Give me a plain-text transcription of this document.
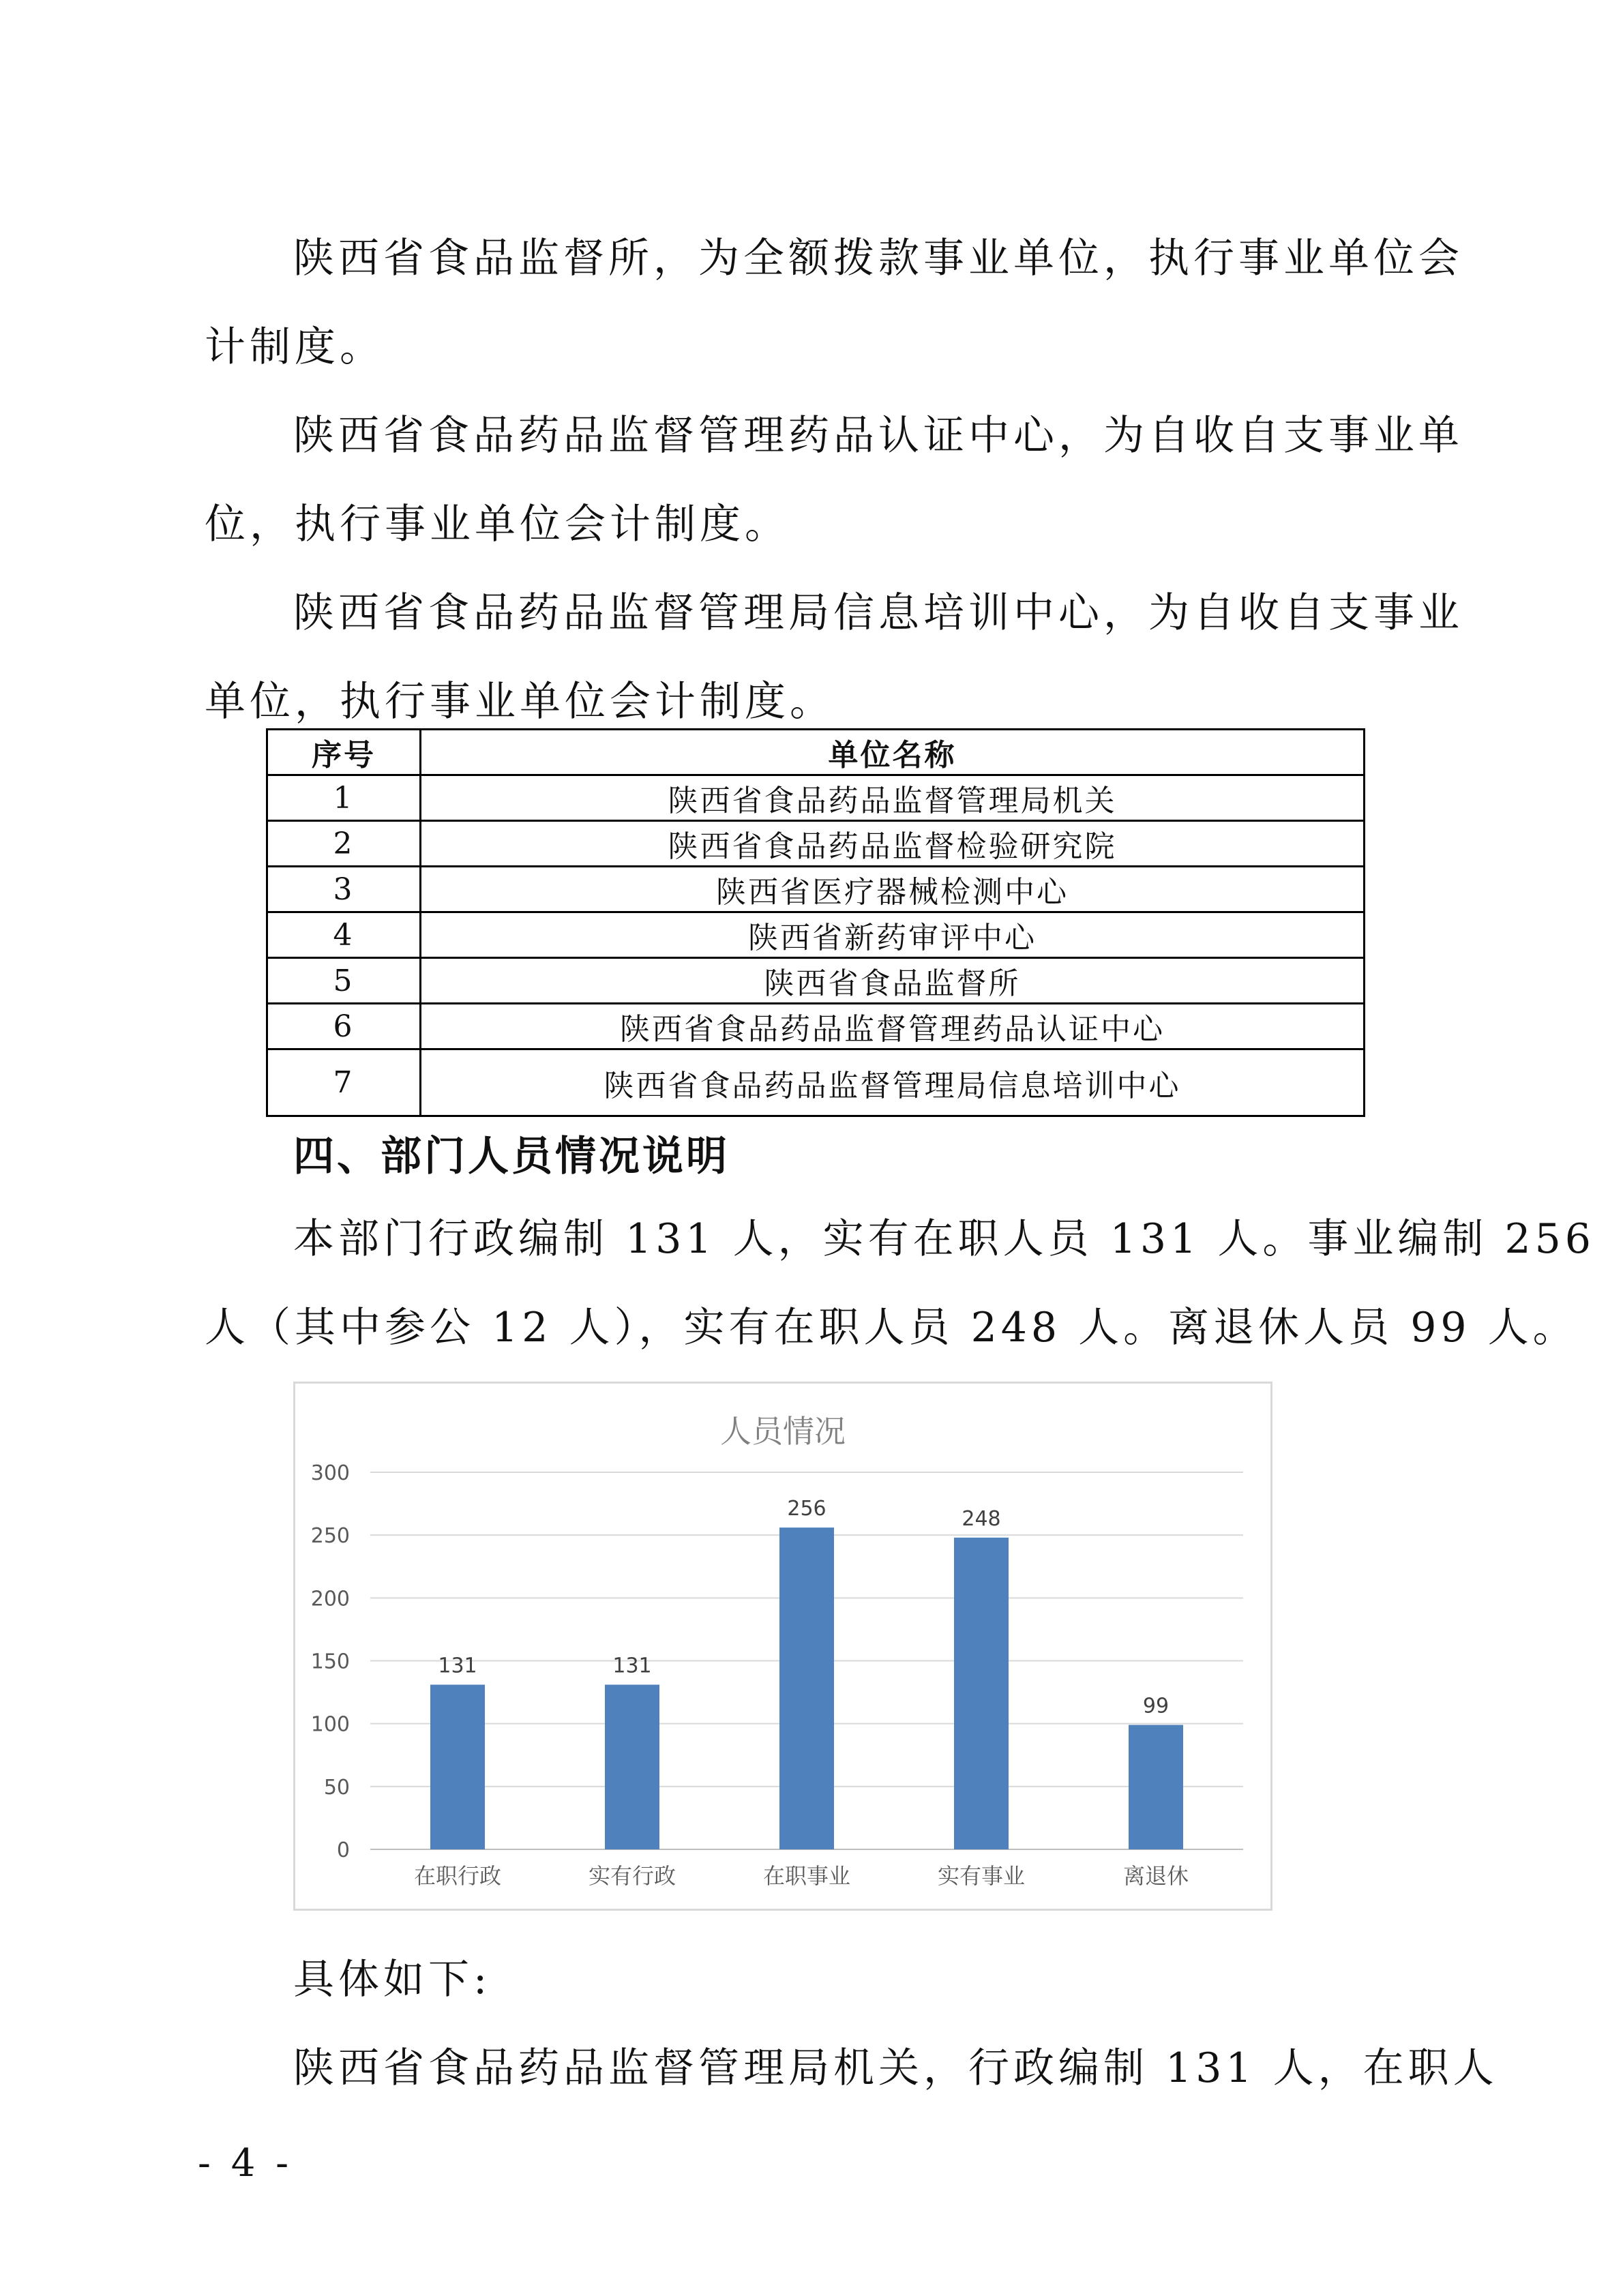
陕西省食品监督所，为全额拨款事业单位，执行事业单位会
计制度。
陕西省食品药品监督管理药品认证中心，为自收自支事业单
位，执行事业单位会计制度。
陕西省食品药品监督管理局信息培训中心，为自收自支事业
单位，执行事业单位会计制度。
序号	单位名称
1	陕西省食品药品监督管理局机关
2	陕西省食品药品监督检验研究院
3	陕西省医疗器械检测中心
4	陕西省新药审评中心
5	陕西省食品监督所
6	陕西省食品药品监督管理药品认证中心
7	陕西省食品药品监督管理局信息培训中心
四、部门人员情况说明
本部门行政编制 131 人，实有在职人员 131 人。事业编制 256
人（其中参公 12 人），实有在职人员 248 人。离退休人员 99 人。
人员情况
0
50
100
150
200
250
300
131
在职行政
131
实有行政
256
在职事业
248
实有事业
99
离退休
具体如下:
陕西省食品药品监督管理局机关，行政编制 131 人，在职人
- 4 -
